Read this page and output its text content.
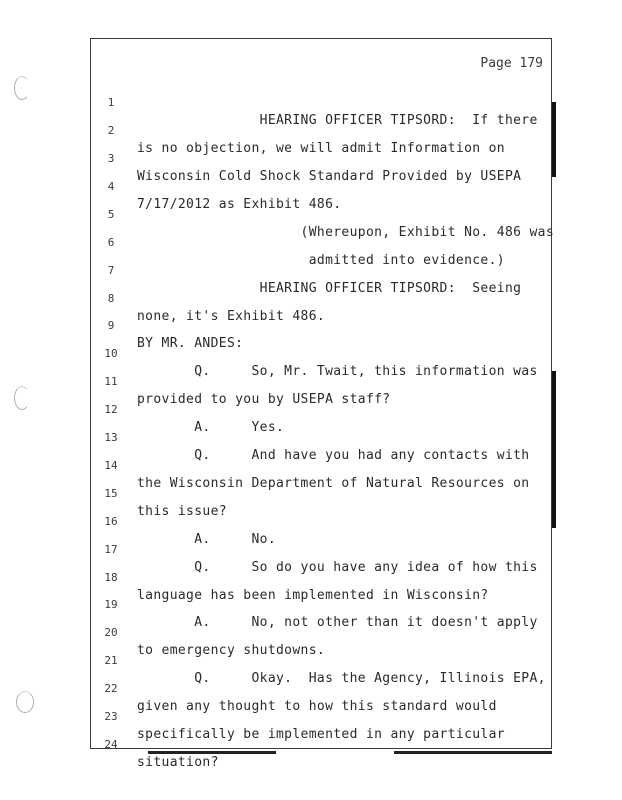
Page 179

1

HEARING OFFICER TIPSORD:  If there

2

is no objection, we will admit Information on

3

Wisconsin Cold Shock Standard Provided by USEPA

4

7/17/2012 as Exhibit 486.

5

(Whereupon, Exhibit No. 486 was

6

admitted into evidence.)

7

HEARING OFFICER TIPSORD:  Seeing

8

none, it's Exhibit 486.

9

BY MR. ANDES:

10

Q.     So, Mr. Twait, this information was

11

provided to you by USEPA staff?

12

A.     Yes.

13

Q.     And have you had any contacts with

14

the Wisconsin Department of Natural Resources on

15

this issue?

16

A.     No.

17

Q.     So do you have any idea of how this

18

language has been implemented in Wisconsin?

19

A.     No, not other than it doesn't apply

20

to emergency shutdowns.

21

Q.     Okay.  Has the Agency, Illinois EPA,

22

given any thought to how this standard would

23

specifically be implemented in any particular

24

situation?
